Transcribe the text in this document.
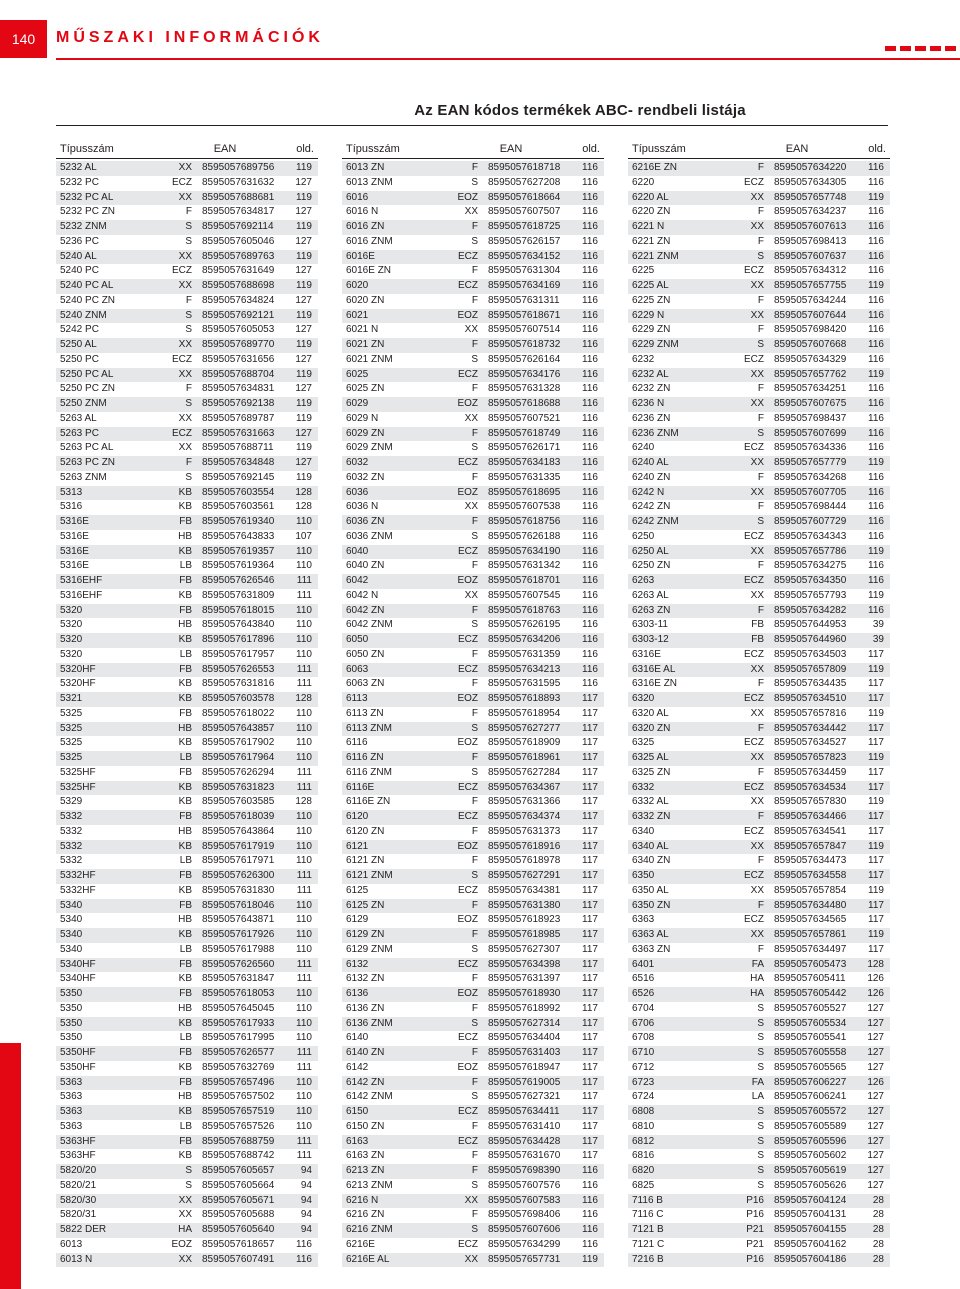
140	MŰSZAKI INFORMÁCIÓK
Az EAN kódos termékek ABC- rendbeli listája
Típusszám	EAN	old.
5232 AL	XX	8595057689756	119
5232 PC	ECZ	8595057631632	127
5232 PC AL	XX	8595057688681	119
5232 PC ZN	F	8595057634817	127
5232 ZNM	S	8595057692114	119
5236 PC	S	8595057605046	127
5240 AL	XX	8595057689763	119
5240 PC	ECZ	8595057631649	127
5240 PC AL	XX	8595057688698	119
5240 PC ZN	F	8595057634824	127
5240 ZNM	S	8595057692121	119
5242 PC	S	8595057605053	127
5250 AL	XX	8595057689770	119
5250 PC	ECZ	8595057631656	127
5250 PC AL	XX	8595057688704	119
5250 PC ZN	F	8595057634831	127
5250 ZNM	S	8595057692138	119
5263 AL	XX	8595057689787	119
5263 PC	ECZ	8595057631663	127
5263 PC AL	XX	8595057688711	119
5263 PC ZN	F	8595057634848	127
5263 ZNM	S	8595057692145	119
5313	KB	8595057603554	128
5316	KB	8595057603561	128
5316E	FB	8595057619340	110
5316E	HB	8595057643833	107
5316E	KB	8595057619357	110
5316E	LB	8595057619364	110
5316EHF	FB	8595057626546	111
5316EHF	KB	8595057631809	111
5320	FB	8595057618015	110
5320	HB	8595057643840	110
5320	KB	8595057617896	110
5320	LB	8595057617957	110
5320HF	FB	8595057626553	111
5320HF	KB	8595057631816	111
5321	KB	8595057603578	128
5325	FB	8595057618022	110
5325	HB	8595057643857	110
5325	KB	8595057617902	110
5325	LB	8595057617964	110
5325HF	FB	8595057626294	111
5325HF	KB	8595057631823	111
5329	KB	8595057603585	128
5332	FB	8595057618039	110
5332	HB	8595057643864	110
5332	KB	8595057617919	110
5332	LB	8595057617971	110
5332HF	FB	8595057626300	111
5332HF	KB	8595057631830	111
5340	FB	8595057618046	110
5340	HB	8595057643871	110
5340	KB	8595057617926	110
5340	LB	8595057617988	110
5340HF	FB	8595057626560	111
5340HF	KB	8595057631847	111
5350	FB	8595057618053	110
5350	HB	8595057645045	110
5350	KB	8595057617933	110
5350	LB	8595057617995	110
5350HF	FB	8595057626577	111
5350HF	KB	8595057632769	111
5363	FB	8595057657496	110
5363	HB	8595057657502	110
5363	KB	8595057657519	110
5363	LB	8595057657526	110
5363HF	FB	8595057688759	111
5363HF	KB	8595057688742	111
5820/20	S	8595057605657	94
5820/21	S	8595057605664	94
5820/30	XX	8595057605671	94
5820/31	XX	8595057605688	94
5822 DER	HA	8595057605640	94
6013	EOZ	8595057618657	116
6013 N	XX	8595057607491	116
Típusszám	EAN	old.
6013 ZN	F	8595057618718	116
6013 ZNM	S	8595057627208	116
6016	EOZ	8595057618664	116
6016 N	XX	8595057607507	116
6016 ZN	F	8595057618725	116
6016 ZNM	S	8595057626157	116
6016E	ECZ	8595057634152	116
6016E ZN	F	8595057631304	116
6020	ECZ	8595057634169	116
6020 ZN	F	8595057631311	116
6021	EOZ	8595057618671	116
6021 N	XX	8595057607514	116
6021 ZN	F	8595057618732	116
6021 ZNM	S	8595057626164	116
6025	ECZ	8595057634176	116
6025 ZN	F	8595057631328	116
6029	EOZ	8595057618688	116
6029 N	XX	8595057607521	116
6029 ZN	F	8595057618749	116
6029 ZNM	S	8595057626171	116
6032	ECZ	8595057634183	116
6032 ZN	F	8595057631335	116
6036	EOZ	8595057618695	116
6036 N	XX	8595057607538	116
6036 ZN	F	8595057618756	116
6036 ZNM	S	8595057626188	116
6040	ECZ	8595057634190	116
6040 ZN	F	8595057631342	116
6042	EOZ	8595057618701	116
6042 N	XX	8595057607545	116
6042 ZN	F	8595057618763	116
6042 ZNM	S	8595057626195	116
6050	ECZ	8595057634206	116
6050 ZN	F	8595057631359	116
6063	ECZ	8595057634213	116
6063 ZN	F	8595057631595	116
6113	EOZ	8595057618893	117
6113 ZN	F	8595057618954	117
6113 ZNM	S	8595057627277	117
6116	EOZ	8595057618909	117
6116 ZN	F	8595057618961	117
6116 ZNM	S	8595057627284	117
6116E	ECZ	8595057634367	117
6116E ZN	F	8595057631366	117
6120	ECZ	8595057634374	117
6120 ZN	F	8595057631373	117
6121	EOZ	8595057618916	117
6121 ZN	F	8595057618978	117
6121 ZNM	S	8595057627291	117
6125	ECZ	8595057634381	117
6125 ZN	F	8595057631380	117
6129	EOZ	8595057618923	117
6129 ZN	F	8595057618985	117
6129 ZNM	S	8595057627307	117
6132	ECZ	8595057634398	117
6132 ZN	F	8595057631397	117
6136	EOZ	8595057618930	117
6136 ZN	F	8595057618992	117
6136 ZNM	S	8595057627314	117
6140	ECZ	8595057634404	117
6140 ZN	F	8595057631403	117
6142	EOZ	8595057618947	117
6142 ZN	F	8595057619005	117
6142 ZNM	S	8595057627321	117
6150	ECZ	8595057634411	117
6150 ZN	F	8595057631410	117
6163	ECZ	8595057634428	117
6163 ZN	F	8595057631670	117
6213 ZN	F	8595057698390	116
6213 ZNM	S	8595057607576	116
6216 N	XX	8595057607583	116
6216 ZN	F	8595057698406	116
6216 ZNM	S	8595057607606	116
6216E	ECZ	8595057634299	116
6216E AL	XX	8595057657731	119
Típusszám	EAN	old.
6216E ZN	F	8595057634220	116
6220	ECZ	8595057634305	116
6220 AL	XX	8595057657748	119
6220 ZN	F	8595057634237	116
6221 N	XX	8595057607613	116
6221 ZN	F	8595057698413	116
6221 ZNM	S	8595057607637	116
6225	ECZ	8595057634312	116
6225 AL	XX	8595057657755	119
6225 ZN	F	8595057634244	116
6229 N	XX	8595057607644	116
6229 ZN	F	8595057698420	116
6229 ZNM	S	8595057607668	116
6232	ECZ	8595057634329	116
6232 AL	XX	8595057657762	119
6232 ZN	F	8595057634251	116
6236 N	XX	8595057607675	116
6236 ZN	F	8595057698437	116
6236 ZNM	S	8595057607699	116
6240	ECZ	8595057634336	116
6240 AL	XX	8595057657779	119
6240 ZN	F	8595057634268	116
6242 N	XX	8595057607705	116
6242 ZN	F	8595057698444	116
6242 ZNM	S	8595057607729	116
6250	ECZ	8595057634343	116
6250 AL	XX	8595057657786	119
6250 ZN	F	8595057634275	116
6263	ECZ	8595057634350	116
6263 AL	XX	8595057657793	119
6263 ZN	F	8595057634282	116
6303-11	FB	8595057644953	39
6303-12	FB	8595057644960	39
6316E	ECZ	8595057634503	117
6316E AL	XX	8595057657809	119
6316E ZN	F	8595057634435	117
6320	ECZ	8595057634510	117
6320 AL	XX	8595057657816	119
6320 ZN	F	8595057634442	117
6325	ECZ	8595057634527	117
6325 AL	XX	8595057657823	119
6325 ZN	F	8595057634459	117
6332	ECZ	8595057634534	117
6332 AL	XX	8595057657830	119
6332 ZN	F	8595057634466	117
6340	ECZ	8595057634541	117
6340 AL	XX	8595057657847	119
6340 ZN	F	8595057634473	117
6350	ECZ	8595057634558	117
6350 AL	XX	8595057657854	119
6350 ZN	F	8595057634480	117
6363	ECZ	8595057634565	117
6363 AL	XX	8595057657861	119
6363 ZN	F	8595057634497	117
6401	FA	8595057605473	128
6516	HA	8595057605411	126
6526	HA	8595057605442	126
6704	S	8595057605527	127
6706	S	8595057605534	127
6708	S	8595057605541	127
6710	S	8595057605558	127
6712	S	8595057605565	127
6723	FA	8595057606227	126
6724	LA	8595057606241	127
6808	S	8595057605572	127
6810	S	8595057605589	127
6812	S	8595057605596	127
6816	S	8595057605602	127
6820	S	8595057605619	127
6825	S	8595057605626	127
7116 B	P16	8595057604124	28
7116 C	P16	8595057604131	28
7121 B	P21	8595057604155	28
7121 C	P21	8595057604162	28
7216 B	P16	8595057604186	28
